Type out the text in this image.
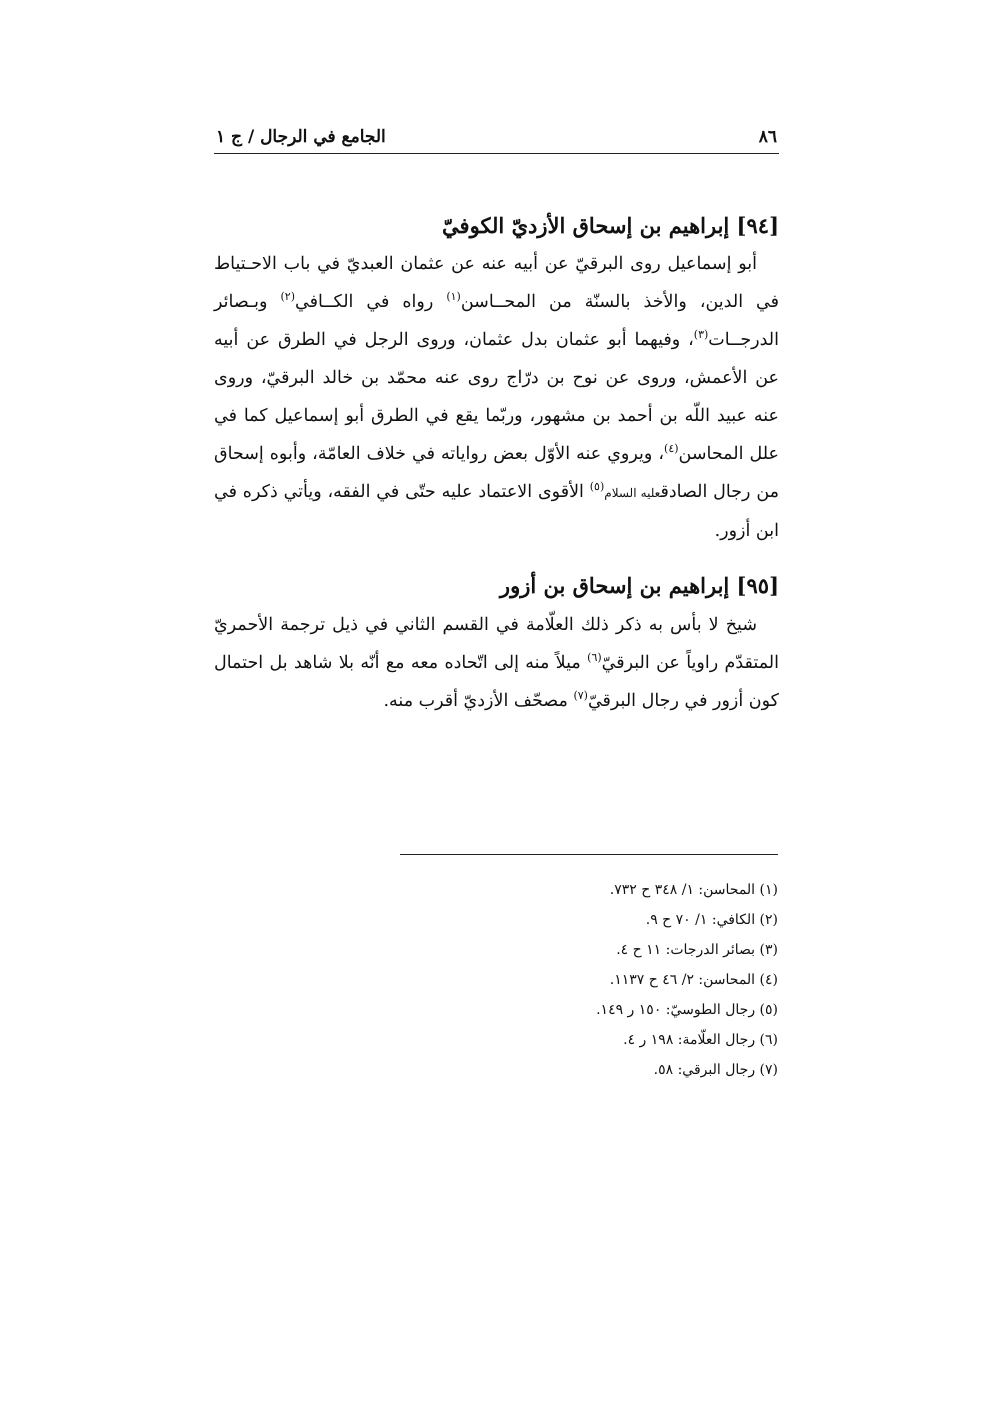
٨٦
الجامع في الرجال / ج ١
[٩٤] إبراهيم بن إسحاق الأزديّ الكوفيّ

أبو إسماعيل روى البرقيّ عن أبيه عنه عن عثمان العبديّ في باب الاحـتياط في الدين، والأخذ بالسنّة من المحــاسن$^{(١)}$ رواه في الكــافي$^{(٢)}$ وبـصائر الدرجــات$^{(٣)}$، وفيهما أبو عثمان بدل عثمان، وروى الرجل في الطرق عن أبيه عن الأعمش، وروى عن نوح بن درّاج روى عنه محمّد بن خالد البرقيّ، وروى عنه عبيد اللّه بن أحمد بن مشهور، وربّما يقع في الطرق أبو إسماعيل كما في علل المحاسن$^{(٤)}$، ويروي عنه الأوّل بعض رواياته في خلاف العامّة، وأبوه إسحاق من رجال الصادقعليه السلام$^{(٥)}$ الأقوى الاعتماد عليه حتّى في الفقه، ويأتي ذكره في ابن أزور.

[٩٥] إبراهيم بن إسحاق بن أزور

شيخ لا بأس به ذكر ذلك العلّامة في القسم الثاني في ذيل ترجمة الأحمريّ المتقدّم راوياً عن البرقيّ$^{(٦)}$ ميلاً منه إلى اتّحاده معه مع أنّه بلا شاهد بل احتمال كون أزور في رجال البرقيّ$^{(٧)}$ مصحّف الأزديّ أقرب منه.

(١) المحاسن: ١/ ٣٤٨ ح ٧٣٢.
(٢) الكافي: ١/ ٧٠ ح ٩.
(٣) بصائر الدرجات: ١١ ح ٤.
(٤) المحاسن: ٢/ ٤٦ ح ١١٣٧.
(٥) رجال الطوسيّ: ١٥٠ ر ١٤٩.
(٦) رجال العلّامة: ١٩٨ ر ٤.
(٧) رجال البرقي: ٥٨.
